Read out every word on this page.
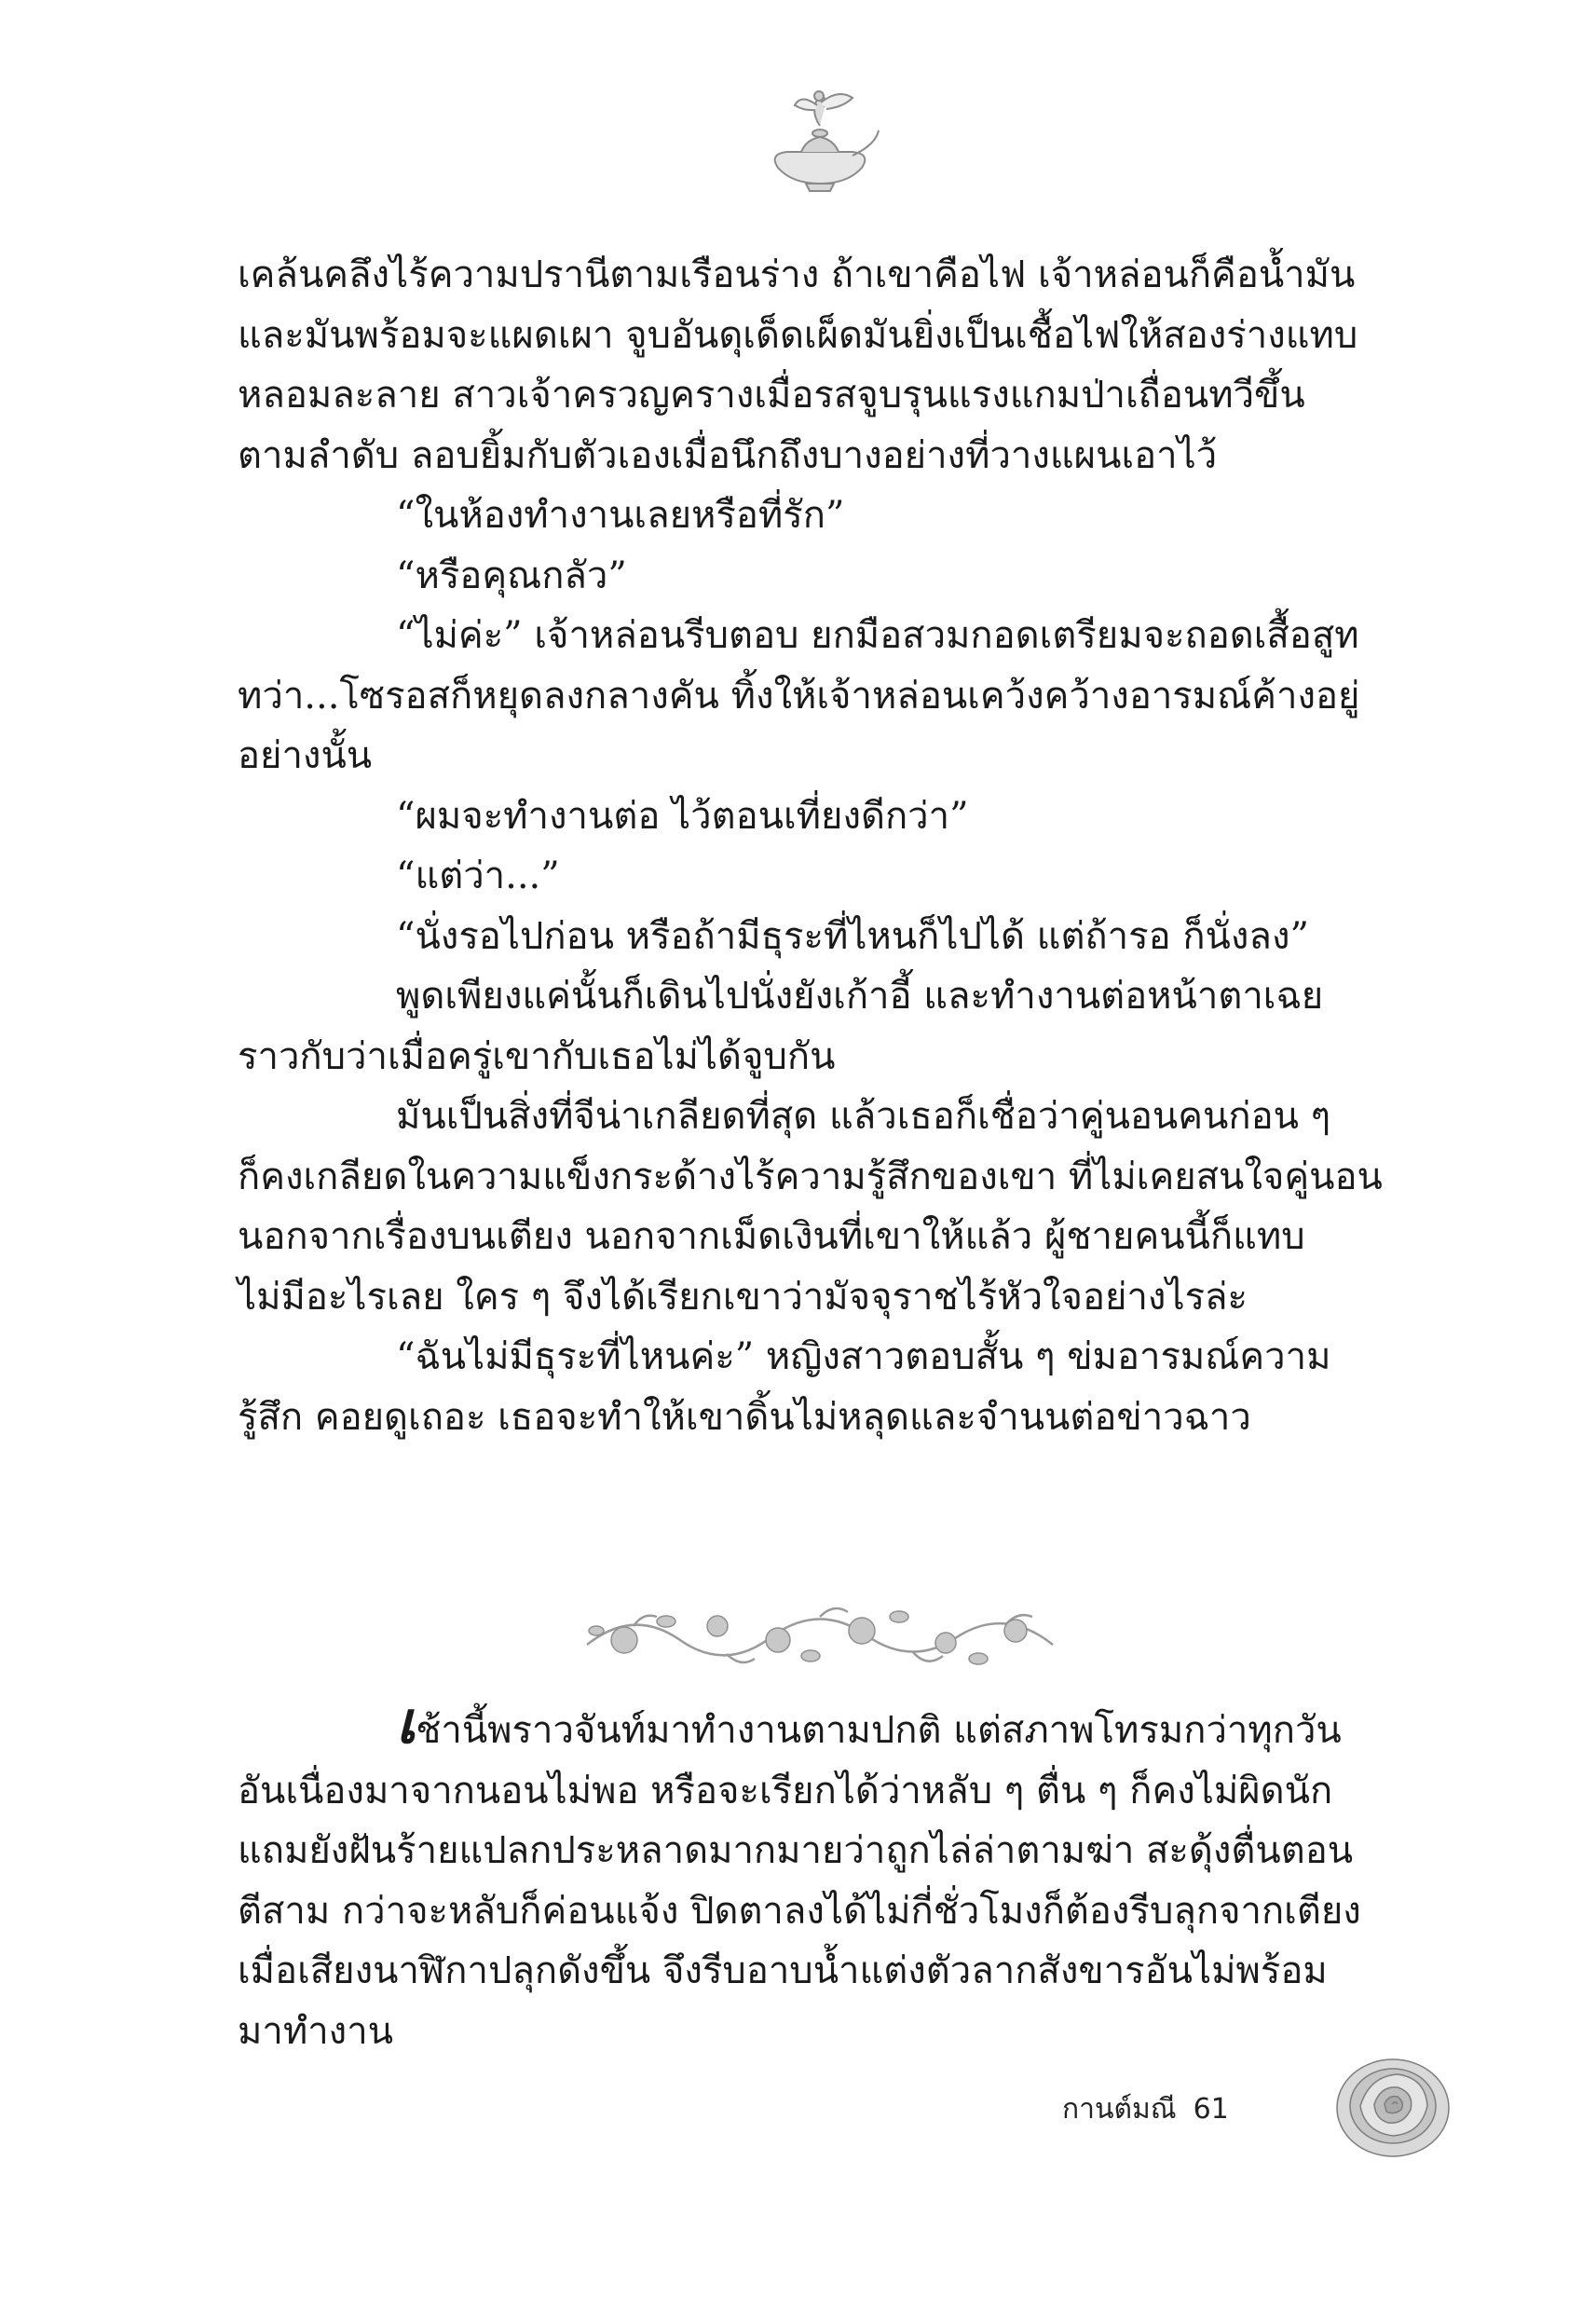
เคล้นคลึงไร้ความปรานีตามเรือนร่าง ถ้าเขาคือไฟ เจ้าหล่อนก็คือน้ำมัน

และมันพร้อมจะแผดเผา จูบอันดุเด็ดเผ็ดมันยิ่งเป็นเชื้อไฟให้สองร่างแทบ

หลอมละลาย สาวเจ้าครวญครางเมื่อรสจูบรุนแรงแกมป่าเถื่อนทวีขึ้น

ตามลำดับ ลอบยิ้มกับตัวเองเมื่อนึกถึงบางอย่างที่วางแผนเอาไว้

“ในห้องทำงานเลยหรือที่รัก”

“หรือคุณกลัว”

“ไม่ค่ะ” เจ้าหล่อนรีบตอบ ยกมือสวมกอดเตรียมจะถอดเสื้อสูท

ทว่า...โซรอสก็หยุดลงกลางคัน ทิ้งให้เจ้าหล่อนเคว้งคว้างอารมณ์ค้างอยู่

อย่างนั้น

“ผมจะทำงานต่อ ไว้ตอนเที่ยงดีกว่า”

“แต่ว่า...”

“นั่งรอไปก่อน หรือถ้ามีธุระที่ไหนก็ไปได้ แต่ถ้ารอ ก็นั่งลง”

พูดเพียงแค่นั้นก็เดินไปนั่งยังเก้าอี้ และทำงานต่อหน้าตาเฉย

ราวกับว่าเมื่อครู่เขากับเธอไม่ได้จูบกัน

มันเป็นสิ่งที่จีน่าเกลียดที่สุด แล้วเธอก็เชื่อว่าคู่นอนคนก่อน ๆ

ก็คงเกลียดในความแข็งกระด้างไร้ความรู้สึกของเขา ที่ไม่เคยสนใจคู่นอน

นอกจากเรื่องบนเตียง นอกจากเม็ดเงินที่เขาให้แล้ว ผู้ชายคนนี้ก็แทบ

ไม่มีอะไรเลย ใคร ๆ จึงได้เรียกเขาว่ามัจจุราชไร้หัวใจอย่างไรล่ะ

“ฉันไม่มีธุระที่ไหนค่ะ” หญิงสาวตอบสั้น ๆ ข่มอารมณ์ความ

รู้สึก คอยดูเถอะ เธอจะทำให้เขาดิ้นไม่หลุดและจำนนต่อข่าวฉาว

เช้านี้พราวจันท์มาทำงานตามปกติ แต่สภาพโทรมกว่าทุกวัน

อันเนื่องมาจากนอนไม่พอ หรือจะเรียกได้ว่าหลับ ๆ ตื่น ๆ ก็คงไม่ผิดนัก

แถมยังฝันร้ายแปลกประหลาดมากมายว่าถูกไล่ล่าตามฆ่า สะดุ้งตื่นตอน

ตีสาม กว่าจะหลับก็ค่อนแจ้ง ปิดตาลงได้ไม่กี่ชั่วโมงก็ต้องรีบลุกจากเตียง

เมื่อเสียงนาฬิกาปลุกดังขึ้น จึงรีบอาบน้ำแต่งตัวลากสังขารอันไม่พร้อม

มาทำงาน

กานต์มณี 61
